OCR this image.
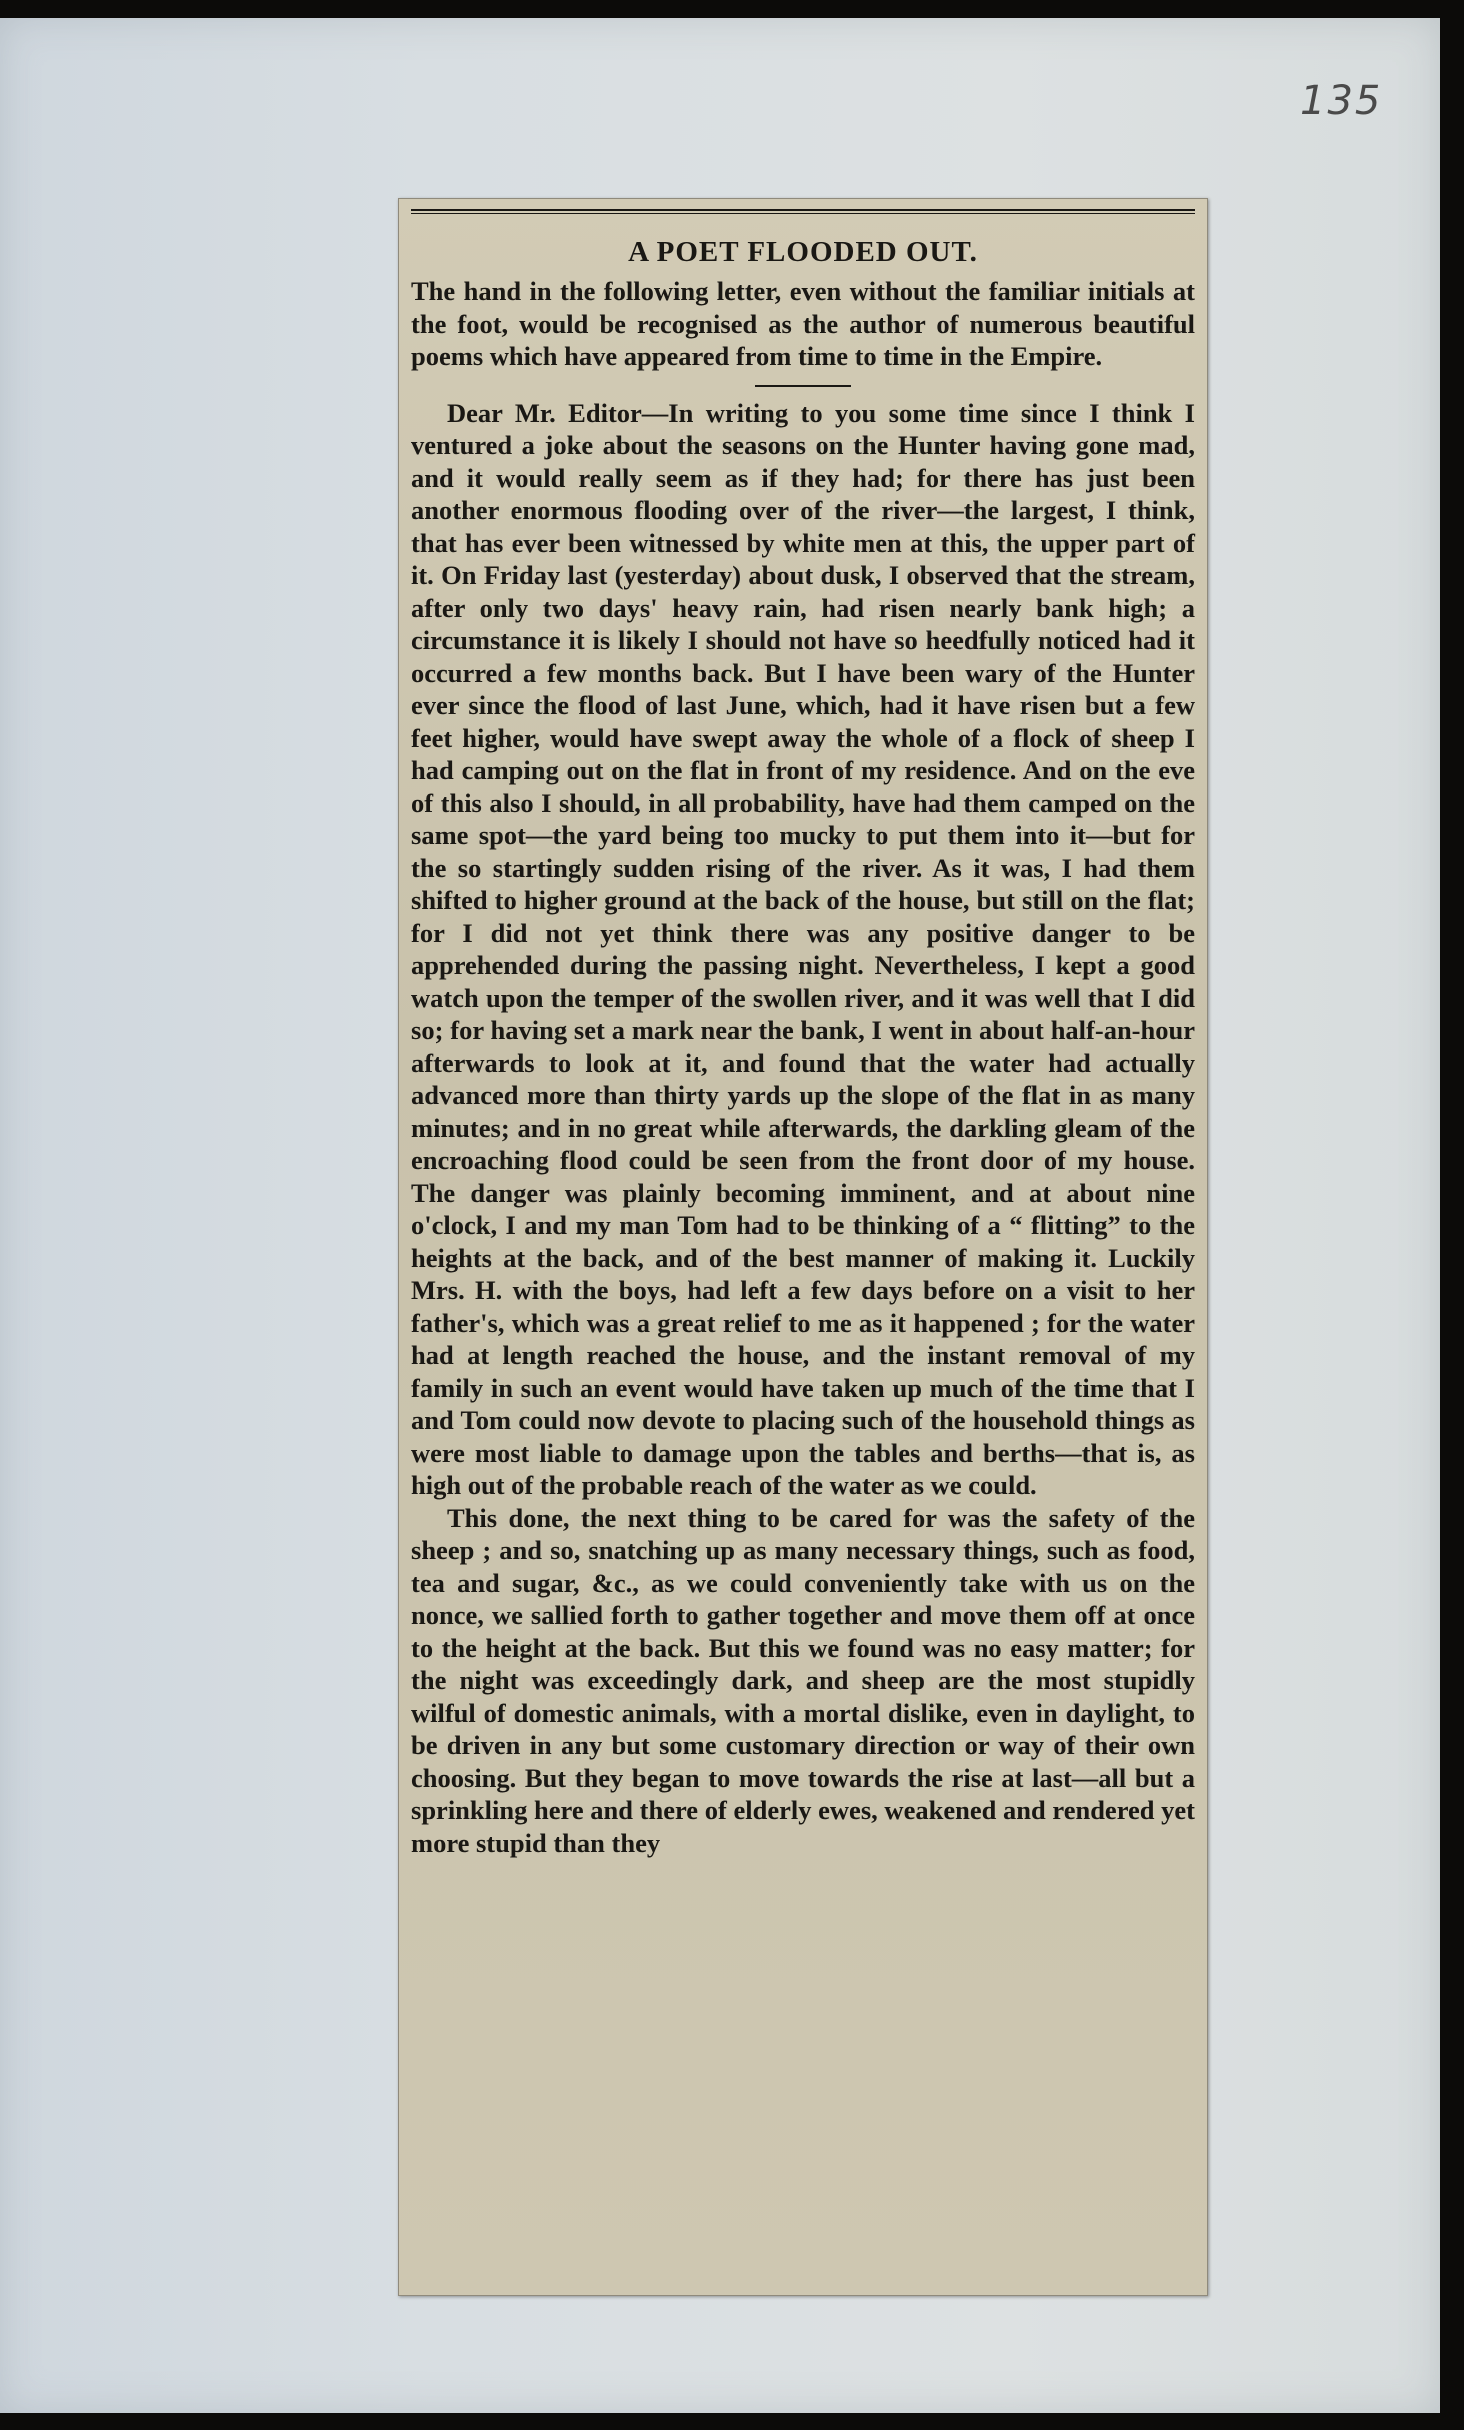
135
A POET FLOODED OUT.

The hand in the following letter, even without the familiar initials at the foot, would be recognised as the author of numerous beautiful poems which have appeared from time to time in the Empire.

Dear Mr. Editor—In writing to you some time since I think I ventured a joke about the seasons on the Hunter having gone mad, and it would really seem as if they had; for there has just been another enormous flooding over of the river—the largest, I think, that has ever been witnessed by white men at this, the upper part of it. On Friday last (yesterday) about dusk, I observed that the stream, after only two days' heavy rain, had risen nearly bank high; a circumstance it is likely I should not have so heedfully noticed had it occurred a few months back. But I have been wary of the Hunter ever since the flood of last June, which, had it have risen but a few feet higher, would have swept away the whole of a flock of sheep I had camping out on the flat in front of my residence. And on the eve of this also I should, in all probability, have had them camped on the same spot—the yard being too mucky to put them into it—but for the so startingly sudden rising of the river. As it was, I had them shifted to higher ground at the back of the house, but still on the flat; for I did not yet think there was any positive danger to be apprehended during the passing night. Nevertheless, I kept a good watch upon the temper of the swollen river, and it was well that I did so; for having set a mark near the bank, I went in about half-an-hour afterwards to look at it, and found that the water had actually advanced more than thirty yards up the slope of the flat in as many minutes; and in no great while afterwards, the darkling gleam of the encroaching flood could be seen from the front door of my house. The danger was plainly becoming imminent, and at about nine o'clock, I and my man Tom had to be thinking of a “ flitting” to the heights at the back, and of the best manner of making it. Luckily Mrs. H. with the boys, had left a few days before on a visit to her father's, which was a great relief to me as it happened ; for the water had at length reached the house, and the instant removal of my family in such an event would have taken up much of the time that I and Tom could now devote to placing such of the household things as were most liable to damage upon the tables and berths—that is, as high out of the probable reach of the water as we could.

This done, the next thing to be cared for was the safety of the sheep ; and so, snatching up as many necessary things, such as food, tea and sugar, &c., as we could conveniently take with us on the nonce, we sallied forth to gather together and move them off at once to the height at the back. But this we found was no easy matter; for the night was exceedingly dark, and sheep are the most stupidly wilful of domestic animals, with a mortal dislike, even in daylight, to be driven in any but some customary direction or way of their own choosing. But they began to move towards the rise at last—all but a sprinkling here and there of elderly ewes, weakened and rendered yet more stupid than they
